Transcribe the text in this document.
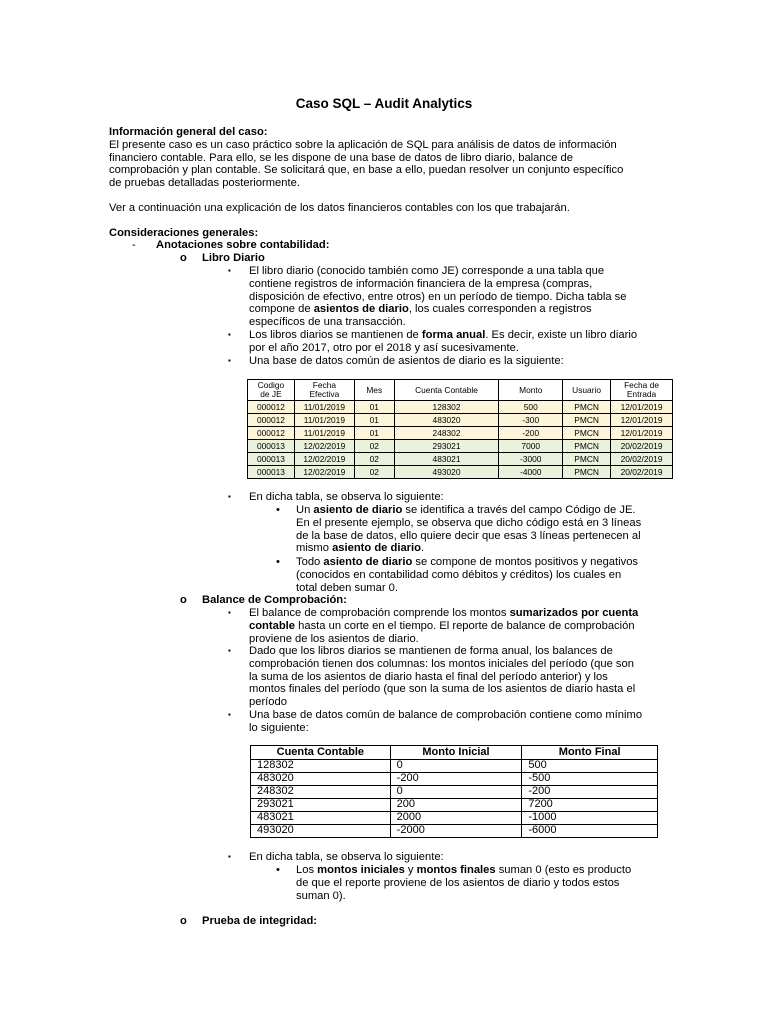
Caso SQL – Audit Analytics
Información general del caso:
El presente caso es un caso práctico sobre la aplicación de SQL para análisis de datos de información
financiero contable. Para ello, se les dispone de una base de datos de libro diario, balance de
comprobación y plan contable. Se solicitará que, en base a ello, puedan resolver un conjunto específico
de pruebas detalladas posteriormente.
Ver a continuación una explicación de los datos financieros contables con los que trabajarán.
Consideraciones generales:
- Anotaciones sobre contabilidad:
o Libro Diario
▪ El libro diario (conocido también como JE) corresponde a una tabla que
contiene registros de información financiera de la empresa (compras,
disposición de efectivo, entre otros) en un período de tiempo. Dicha tabla se
compone de asientos de diario, los cuales corresponden a registros
específicos de una transacción.
▪ Los libros diarios se mantienen de forma anual. Es decir, existe un libro diario
por el año 2017, otro por el 2018 y así sucesivamente.
▪ Una base de datos común de asientos de diario es la siguiente:
Codigo
de JE	Fecha
Efectiva	Mes	Cuenta Contable	Monto	Usuario	Fecha de
Entrada
000012	11/01/2019	01	128302	500	PMCN	12/01/2019
000012	11/01/2019	01	483020	-300	PMCN	12/01/2019
000012	11/01/2019	01	248302	-200	PMCN	12/01/2019
000013	12/02/2019	02	293021	7000	PMCN	20/02/2019
000013	12/02/2019	02	483021	-3000	PMCN	20/02/2019
000013	12/02/2019	02	493020	-4000	PMCN	20/02/2019
▪ En dicha tabla, se observa lo siguiente:
• Un asiento de diario se identifica a través del campo Código de JE.
En el presente ejemplo, se observa que dicho código está en 3 líneas
de la base de datos, ello quiere decir que esas 3 líneas pertenecen al
mismo asiento de diario.
• Todo asiento de diario se compone de montos positivos y negativos
(conocidos en contabilidad como débitos y créditos) los cuales en
total deben sumar 0.
o Balance de Comprobación:
▪ El balance de comprobación comprende los montos sumarizados por cuenta
contable hasta un corte en el tiempo. El reporte de balance de comprobación
proviene de los asientos de diario.
▪ Dado que los libros diarios se mantienen de forma anual, los balances de
comprobación tienen dos columnas: los montos iniciales del período (que son
la suma de los asientos de diario hasta el final del período anterior) y los
montos finales del período (que son la suma de los asientos de diario hasta el
período
▪ Una base de datos común de balance de comprobación contiene como mínimo
lo siguiente:
Cuenta Contable	Monto Inicial	Monto Final
128302	0	500
483020	-200	-500
248302	0	-200
293021	200	7200
483021	2000	-1000
493020	-2000	-6000
▪ En dicha tabla, se observa lo siguiente:
• Los montos iniciales y montos finales suman 0 (esto es producto
de que el reporte proviene de los asientos de diario y todos estos
suman 0).
o Prueba de integridad:
